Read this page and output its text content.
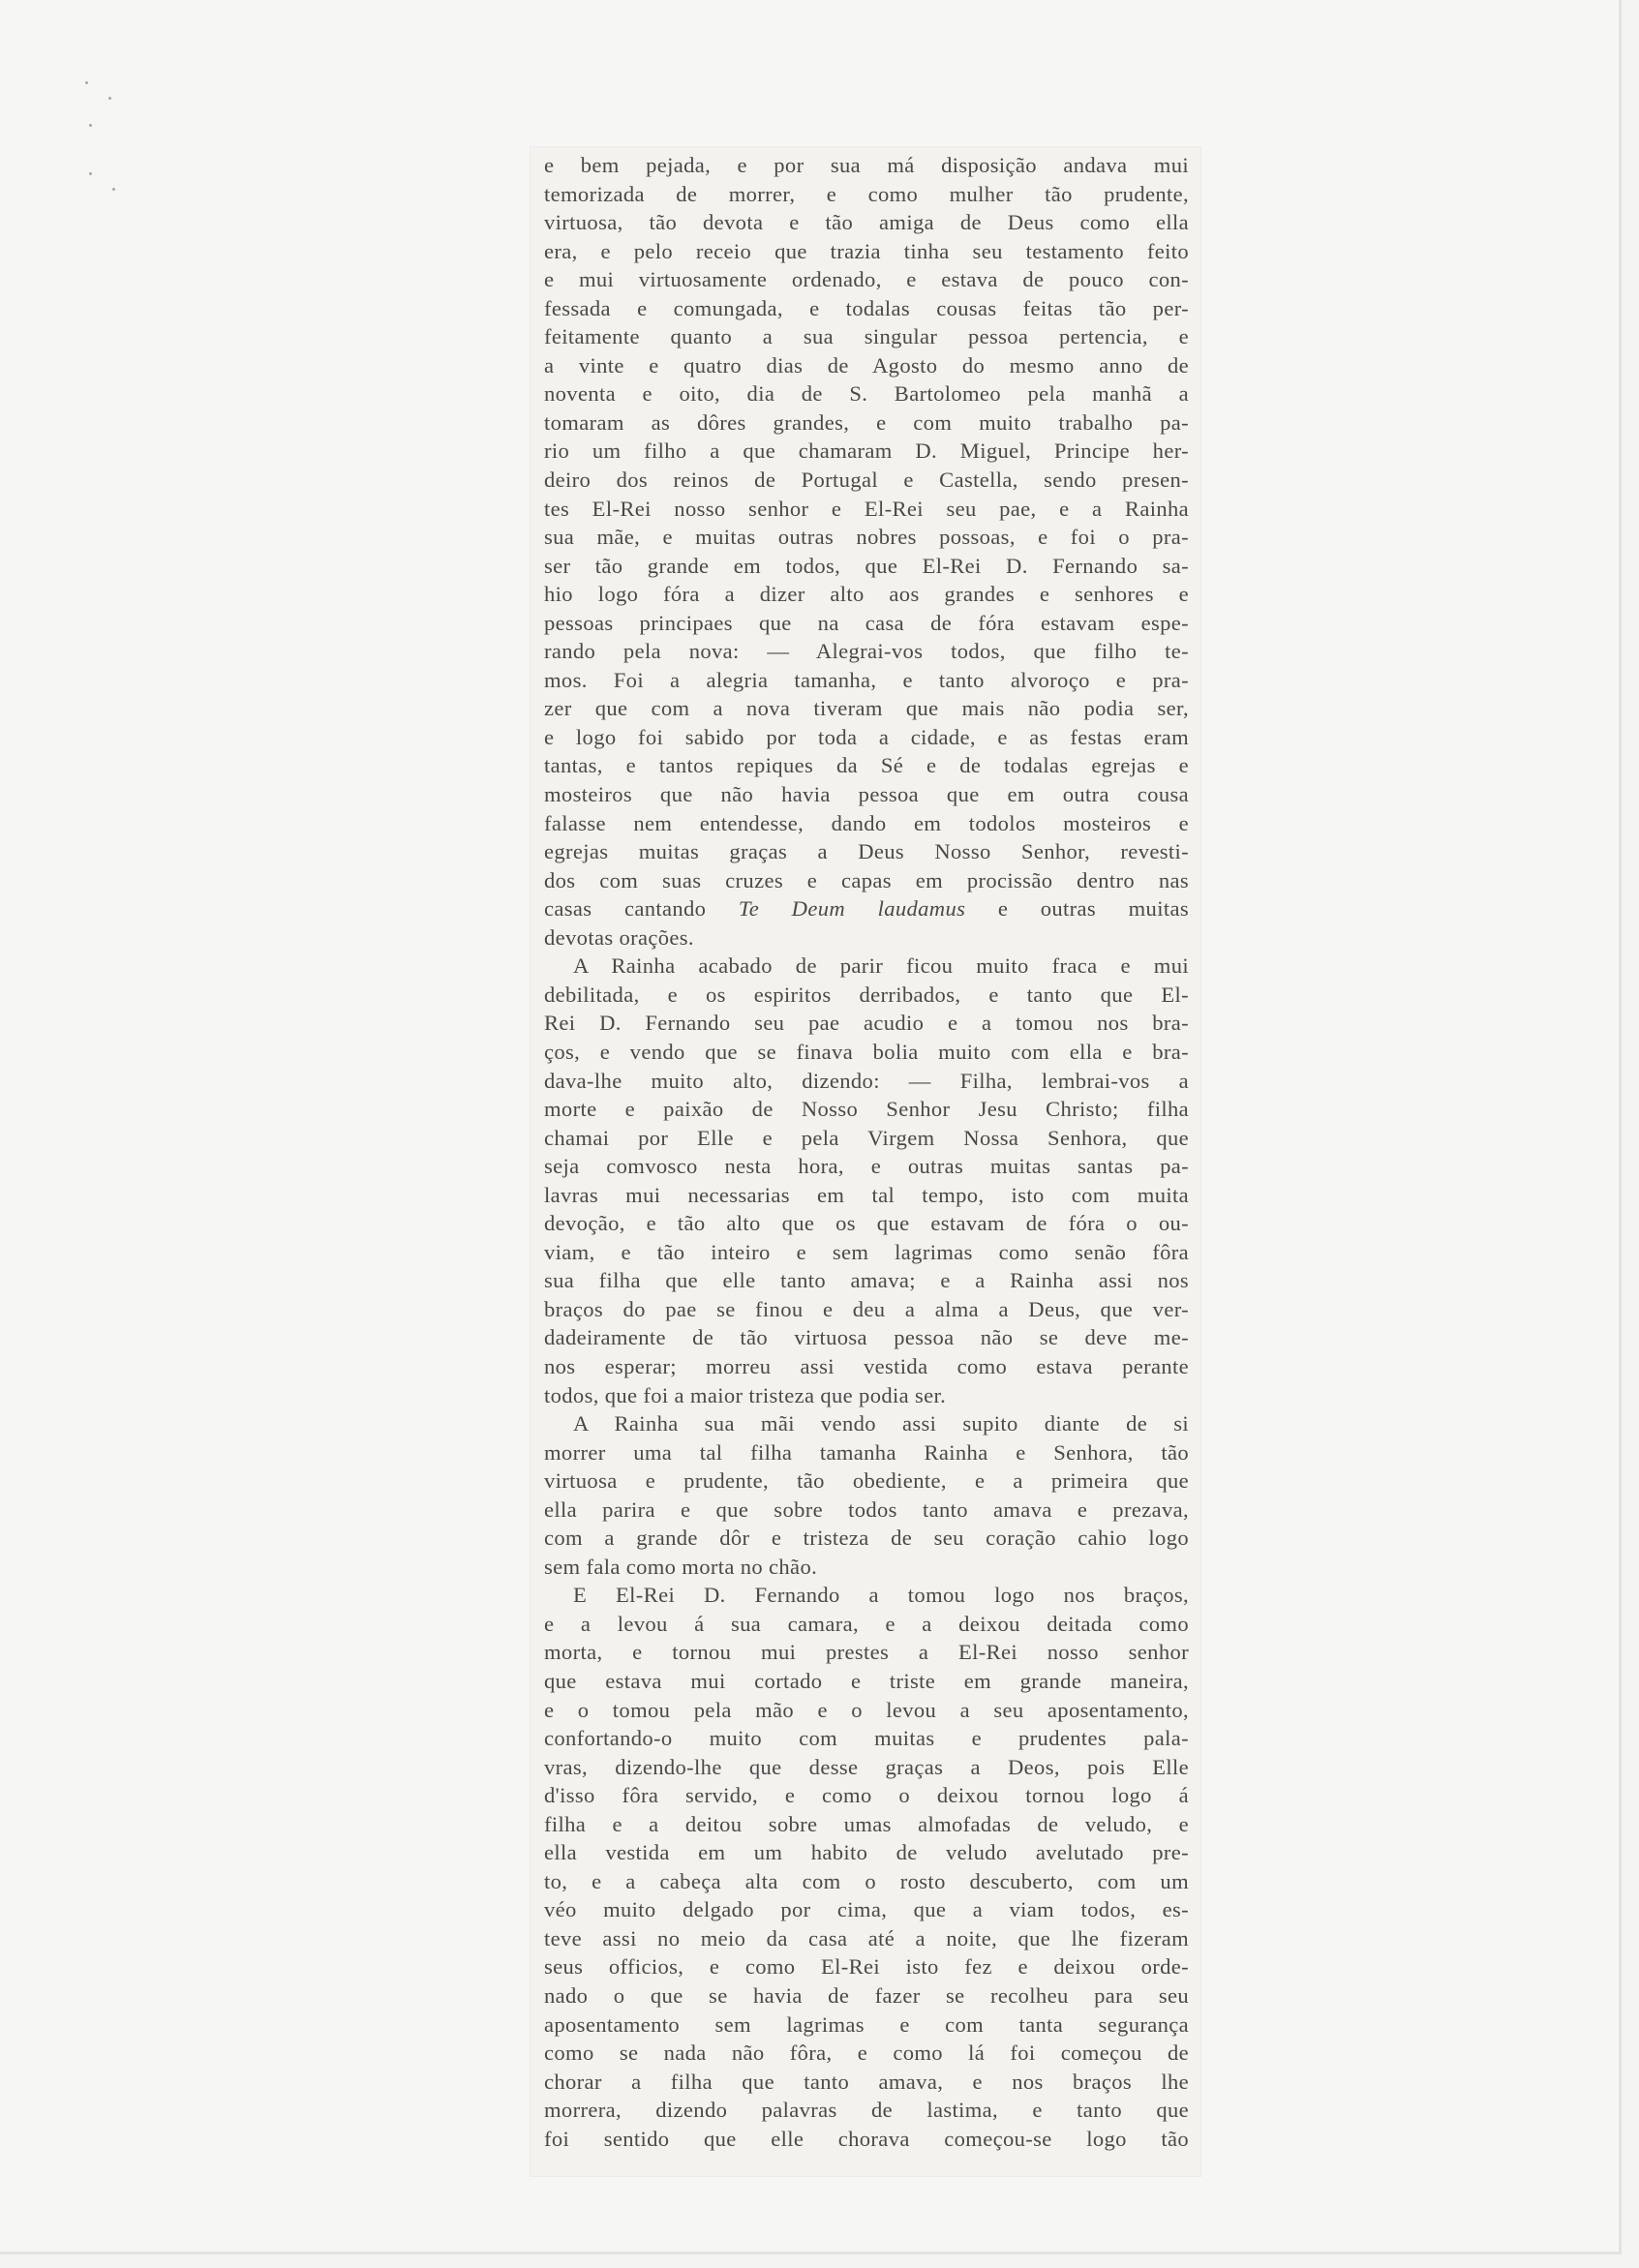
e bem pejada, e por sua má disposição andava mui

temorizada de morrer, e como mulher tão prudente,

virtuosa, tão devota e tão amiga de Deus como ella

era, e pelo receio que trazia tinha seu testamento feito

e mui virtuosamente ordenado, e estava de pouco con-

fessada e comungada, e todalas cousas feitas tão per-

feitamente quanto a sua singular pessoa pertencia, e

a vinte e quatro dias de Agosto do mesmo anno de

noventa e oito, dia de S. Bartolomeo pela manhã a

tomaram as dôres grandes, e com muito trabalho pa-

rio um filho a que chamaram D. Miguel, Principe her-

deiro dos reinos de Portugal e Castella, sendo presen-

tes El-Rei nosso senhor e El-Rei seu pae, e a Rainha

sua mãe, e muitas outras nobres possoas, e foi o pra-

ser tão grande em todos, que El-Rei D. Fernando sa-

hio logo fóra a dizer alto aos grandes e senhores e

pessoas principaes que na casa de fóra estavam espe-

rando pela nova: — Alegrai-vos todos, que filho te-

mos. Foi a alegria tamanha, e tanto alvoroço e pra-

zer que com a nova tiveram que mais não podia ser,

e logo foi sabido por toda a cidade, e as festas eram

tantas, e tantos repiques da Sé e de todalas egrejas e

mosteiros que não havia pessoa que em outra cousa

falasse nem entendesse, dando em todolos mosteiros e

egrejas muitas graças a Deus Nosso Senhor, revesti-

dos com suas cruzes e capas em procissão dentro nas

casas cantando Te Deum laudamus e outras muitas

devotas orações.

A Rainha acabado de parir ficou muito fraca e mui

debilitada, e os espiritos derribados, e tanto que El-

Rei D. Fernando seu pae acudio e a tomou nos bra-

ços, e vendo que se finava bolia muito com ella e bra-

dava-lhe muito alto, dizendo: — Filha, lembrai-vos a

morte e paixão de Nosso Senhor Jesu Christo; filha

chamai por Elle e pela Virgem Nossa Senhora, que

seja comvosco nesta hora, e outras muitas santas pa-

lavras mui necessarias em tal tempo, isto com muita

devoção, e tão alto que os que estavam de fóra o ou-

viam, e tão inteiro e sem lagrimas como senão fôra

sua filha que elle tanto amava; e a Rainha assi nos

braços do pae se finou e deu a alma a Deus, que ver-

dadeiramente de tão virtuosa pessoa não se deve me-

nos esperar; morreu assi vestida como estava perante

todos, que foi a maior tristeza que podia ser.

A Rainha sua mãi vendo assi supito diante de si

morrer uma tal filha tamanha Rainha e Senhora, tão

virtuosa e prudente, tão obediente, e a primeira que

ella parira e que sobre todos tanto amava e prezava,

com a grande dôr e tristeza de seu coração cahio logo

sem fala como morta no chão.

E El-Rei D. Fernando a tomou logo nos braços,

e a levou á sua camara, e a deixou deitada como

morta, e tornou mui prestes a El-Rei nosso senhor

que estava mui cortado e triste em grande maneira,

e o tomou pela mão e o levou a seu aposentamento,

confortando-o muito com muitas e prudentes pala-

vras, dizendo-lhe que desse graças a Deos, pois Elle

d'isso fôra servido, e como o deixou tornou logo á

filha e a deitou sobre umas almofadas de veludo, e

ella vestida em um habito de veludo avelutado pre-

to, e a cabeça alta com o rosto descuberto, com um

véo muito delgado por cima, que a viam todos, es-

teve assi no meio da casa até a noite, que lhe fizeram

seus officios, e como El-Rei isto fez e deixou orde-

nado o que se havia de fazer se recolheu para seu

aposentamento sem lagrimas e com tanta segurança

como se nada não fôra, e como lá foi começou de

chorar a filha que tanto amava, e nos braços lhe

morrera, dizendo palavras de lastima, e tanto que

foi sentido que elle chorava começou-se logo tão
